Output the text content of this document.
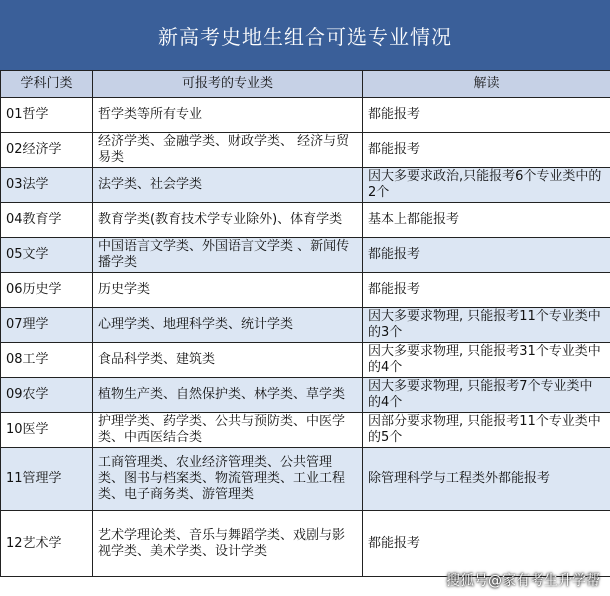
新高考史地生组合可选专业情况
学科门类	可报考的专业类	解读
01哲学	哲学类等所有专业	都能报考
02经济学	经济学类、金融学类、财政学类、 经济与贸易类	都能报考
03法学	法学类、社会学类	因大多要求政治,只能报考6个专业类中的2个
04教育学	教育学类(教育技术学专业除外)、体育学类	基本上都能报考
05文学	中国语言文学类、外国语言文学类 、新闻传播学类	都能报考
06历史学	历史学类	都能报考
07理学	心理学类、地理科学类、统计学类	因大多要求物理, 只能报考11个专业类中的3个
08工学	食品科学类、建筑类	因大多要求物理, 只能报考31个专业类中的4个
09农学	植物生产类、自然保护类、林学类、草学类	因大多要求物理, 只能报考7个专业类中的4个
10医学	护理学类、药学类、公共与预防类、中医学类、中西医结合类	因部分要求物理, 只能报考11个专业类中的5个
11管理学	工商管理类、农业经济管理类、公共管理类、图书与档案类、物流管理类、工业工程类、电子商务类、游管理类	除管理科学与工程类外都能报考
12艺术学	艺术学理论类、音乐与舞蹈学类、戏剧与影视学类、美术学类、设计学类	都能报考
搜狐号@家有考生升学帮
